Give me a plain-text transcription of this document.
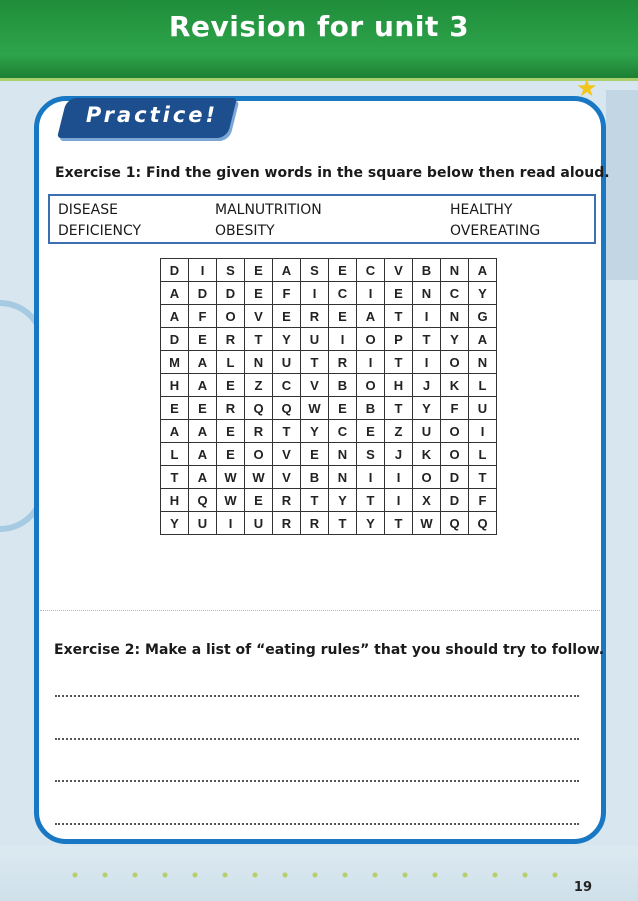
Revision for unit 3
Practice!
★
Exercise 1: Find the given words in the square below then read aloud.
DISEASE	MALNUTRITION	HEALTHY
DEFICIENCY	OBESITY	OVEREATING
D	I	S	E	A	S	E	C	V	B	N	A
A	D	D	E	F	I	C	I	E	N	C	Y
A	F	O	V	E	R	E	A	T	I	N	G
D	E	R	T	Y	U	I	O	P	T	Y	A
M	A	L	N	U	T	R	I	T	I	O	N
H	A	E	Z	C	V	B	O	H	J	K	L
E	E	R	Q	Q	W	E	B	T	Y	F	U
A	A	E	R	T	Y	C	E	Z	U	O	I
L	A	E	O	V	E	N	S	J	K	O	L
T	A	W	W	V	B	N	I	I	O	D	T
H	Q	W	E	R	T	Y	T	I	X	D	F
Y	U	I	U	R	R	T	Y	T	W	Q	Q
Exercise 2: Make a list of “eating rules” that you should try to follow.
19
